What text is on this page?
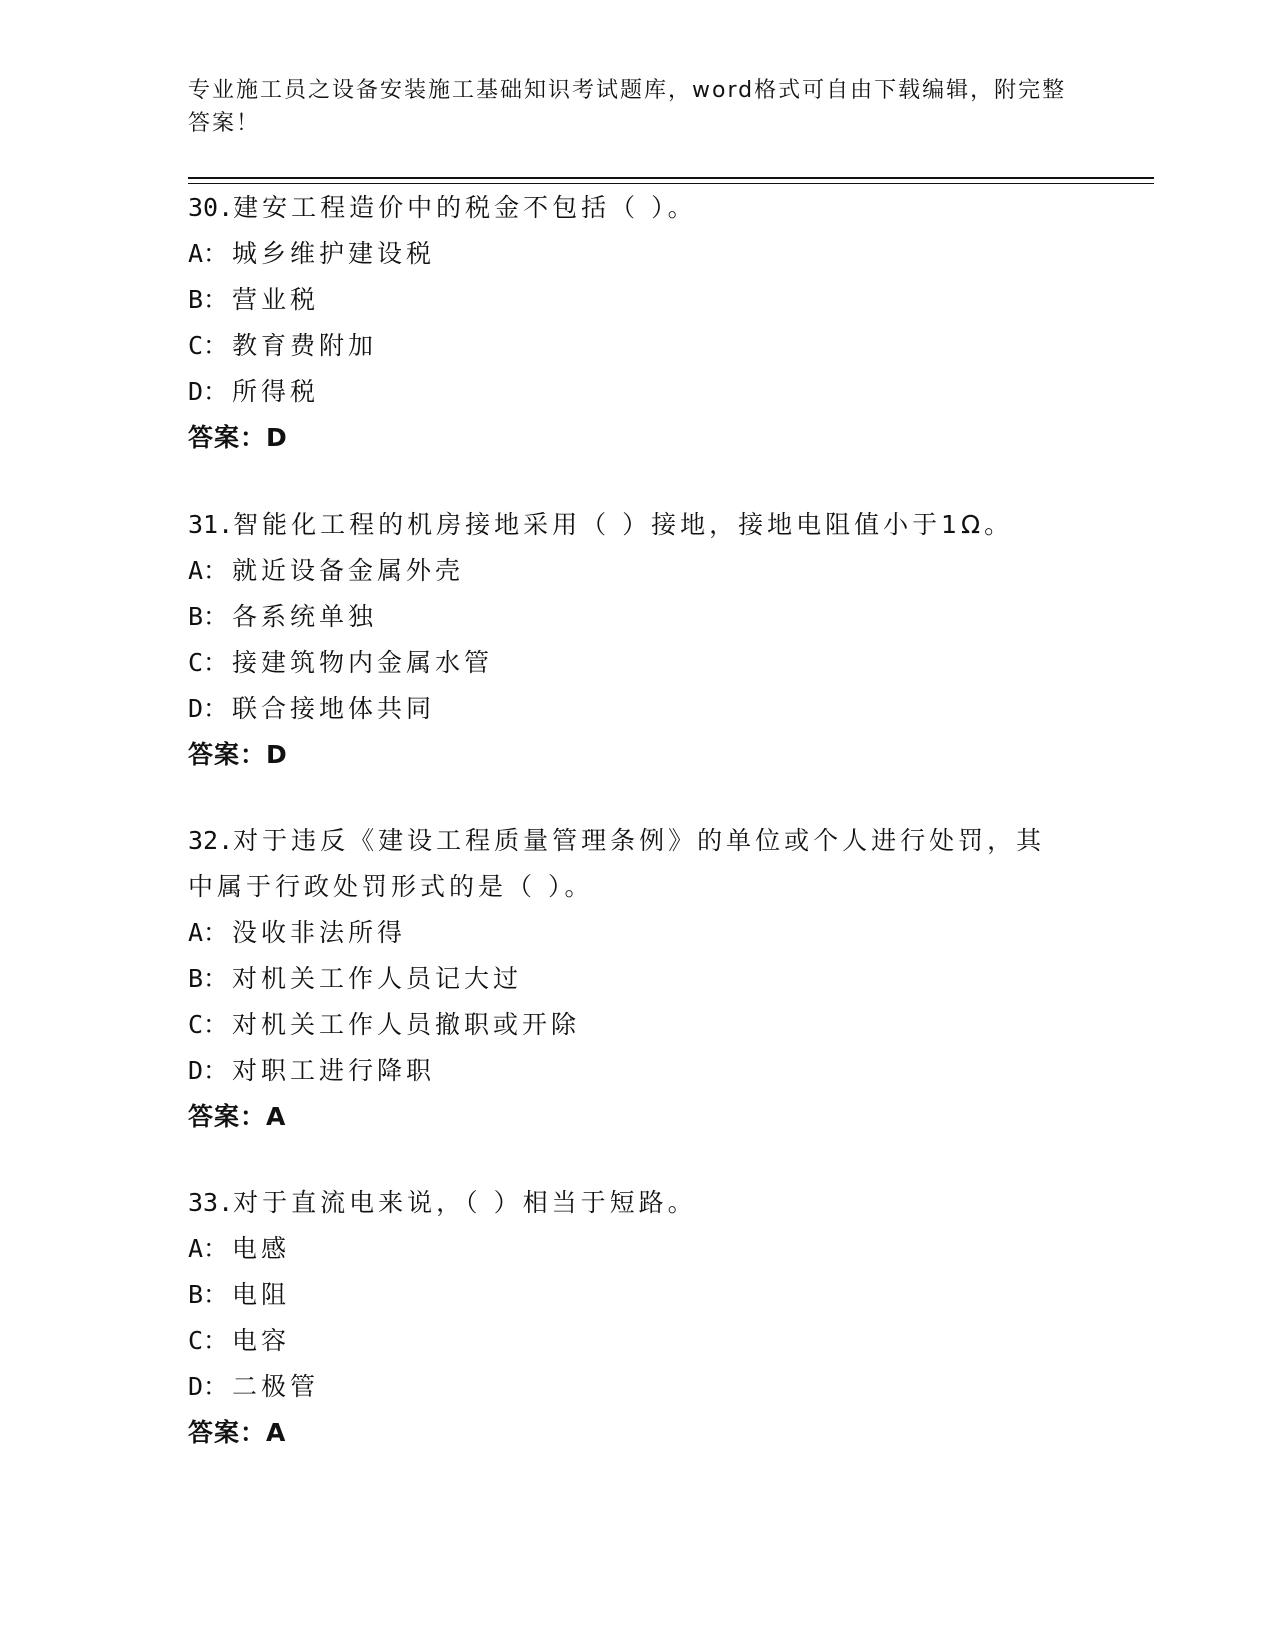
专业施工员之设备安装施工基础知识考试题库，word格式可自由下载编辑，附完整答案！
30.建安工程造价中的税金不包括（ ）。
A： 城乡维护建设税
B： 营业税
C： 教育费附加
D： 所得税
答案：D
31.智能化工程的机房接地采用（ ）接地，接地电阻值小于1Ω。
A： 就近设备金属外壳
B： 各系统单独
C： 接建筑物内金属水管
D： 联合接地体共同
答案：D
32.对于违反《建设工程质量管理条例》的单位或个人进行处罚，其中属于行政处罚形式的是（ ）。
A： 没收非法所得
B： 对机关工作人员记大过
C： 对机关工作人员撤职或开除
D： 对职工进行降职
答案：A
33.对于直流电来说，（ ）相当于短路。
A： 电感
B： 电阻
C： 电容
D： 二极管
答案：A
